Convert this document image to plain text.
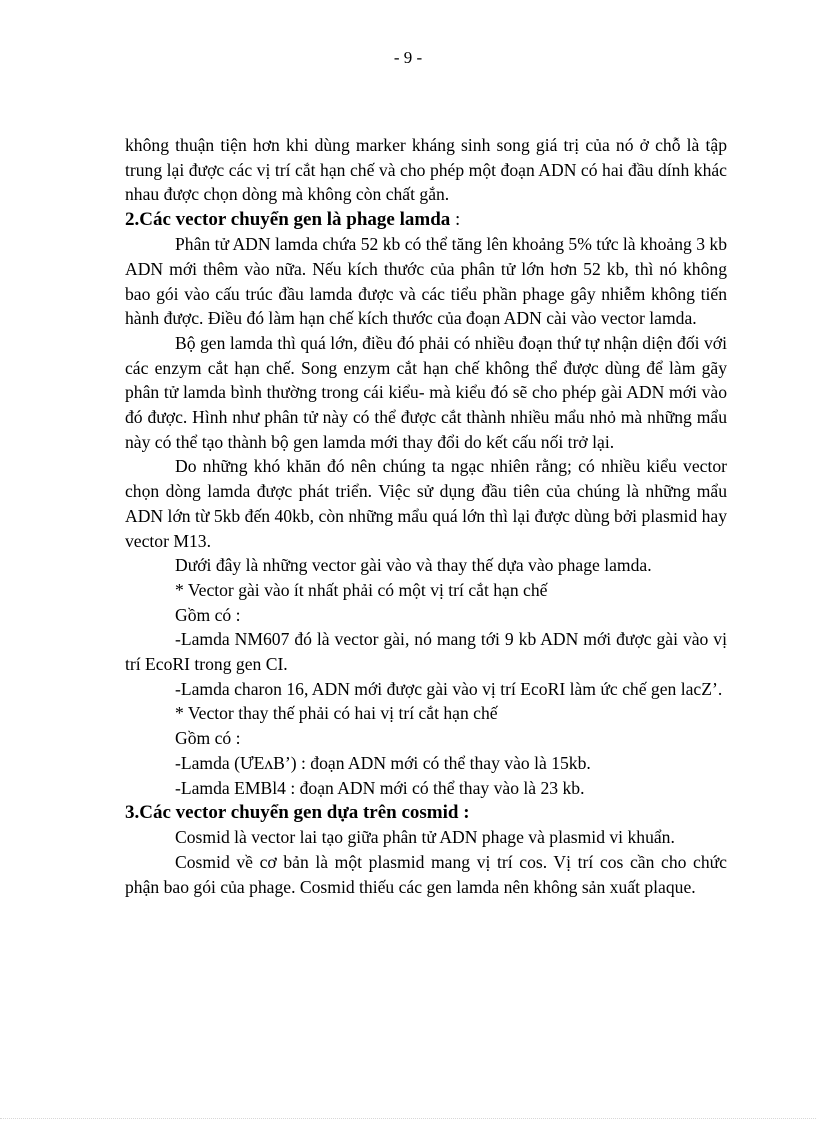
- 9 -

không thuận tiện hơn khi dùng marker kháng sinh song giá trị của nó ở chỗ là tập trung lại được các vị trí cắt hạn chế và cho phép một đoạn ADN có hai đầu dính khác nhau được chọn dòng mà không còn chất gắn.

2.Các vector chuyển gen là phage lamda :

Phân tử ADN lamda chứa 52 kb có thể tăng lên khoảng 5% tức là khoảng 3 kb ADN mới thêm vào nữa. Nếu kích thước của phân tử lớn hơn 52 kb, thì nó không bao gói vào cấu trúc đầu lamda được và các tiểu phần phage gây nhiễm không tiến hành được. Điều đó làm hạn chế kích thước của đoạn ADN cài vào vector lamda.

Bộ gen lamda thì quá lớn, điều đó phải có nhiều đoạn thứ tự nhận diện đối với các enzym cắt hạn chế. Song enzym cắt hạn chế không thể được dùng để làm gãy phân tử lamda bình thường trong cái kiểu- mà kiểu đó sẽ cho phép gài ADN mới vào đó được. Hình như phân tử này có thể được cắt thành nhiều mẩu nhỏ mà những mẩu này có thể tạo thành bộ gen lamda mới thay đổi do kết cấu nối trở lại.

Do những khó khăn đó nên chúng ta ngạc nhiên rằng; có nhiều kiểu vector chọn dòng lamda được phát triển. Việc sử dụng đầu tiên của chúng là những mẩu ADN lớn từ 5kb đến 40kb, còn những mẩu quá lớn thì lại được dùng bởi plasmid hay vector M13.

Dưới đây là những vector gài vào và thay thế dựa vào phage lamda.

* Vector gài vào ít nhất phải có một vị trí cắt hạn chế

Gồm có :

-Lamda NM607 đó là vector gài, nó mang tới 9 kb ADN mới được gài vào vị trí EcoRI trong gen CI.

-Lamda charon 16, ADN mới được gài vào vị trí EcoRI làm ức chế gen lacZ’.

* Vector thay thế phải có hai vị trí cắt hạn chế

Gồm có :

-Lamda (ƯEʌB’) : đoạn ADN mới có thể thay vào là 15kb.

-Lamda EMBl4 : đoạn ADN mới có thể thay vào là 23 kb.

3.Các vector chuyển gen dựa trên cosmid :

Cosmid là vector lai tạo giữa phân tử ADN phage và plasmid vi khuẩn.

Cosmid về cơ bản là một plasmid mang vị trí cos. Vị trí cos cần cho chức phận bao gói của phage. Cosmid thiếu các gen lamda nên không sản xuất plaque.
